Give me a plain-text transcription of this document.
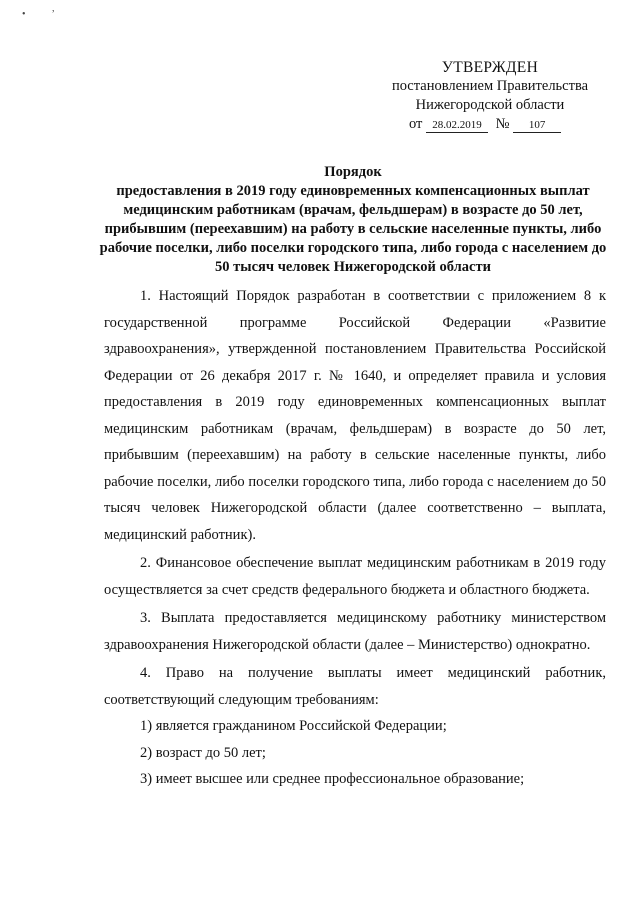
•
,
УТВЕРЖДЕН
постановлением Правительства
Нижегородской области
от 28.02.2019 № 107
Порядок
предоставления в 2019 году единовременных компенсационных выплат медицинским работникам (врачам, фельдшерам) в возрасте до 50 лет, прибывшим (переехавшим) на работу в сельские населенные пункты, либо рабочие поселки, либо поселки городского типа, либо города с населением до 50 тысяч человек Нижегородской области

1. Настоящий Порядок разработан в соответствии с приложением 8 к государственной программе Российской Федерации «Развитие здравоохранения», утвержденной постановлением Правительства Российской Федерации от 26 декабря 2017 г. № 1640, и определяет правила и условия предоставления в 2019 году единовременных компенсационных выплат медицинским работникам (врачам, фельдшерам) в возрасте до 50 лет, прибывшим (переехавшим) на работу в сельские населенные пункты, либо рабочие поселки, либо поселки городского типа, либо города с населением до 50 тысяч человек Нижегородской области (далее соответственно – выплата, медицинский работник).

2. Финансовое обеспечение выплат медицинским работникам в 2019 году осуществляется за счет средств федерального бюджета и областного бюджета.

3. Выплата предоставляется медицинскому работнику министерством здравоохранения Нижегородской области (далее – Министерство) однократно.

4. Право на получение выплаты имеет медицинский работник, соответствующий следующим требованиям:

1) является гражданином Российской Федерации;

2) возраст до 50 лет;

3) имеет высшее или среднее профессиональное образование;
